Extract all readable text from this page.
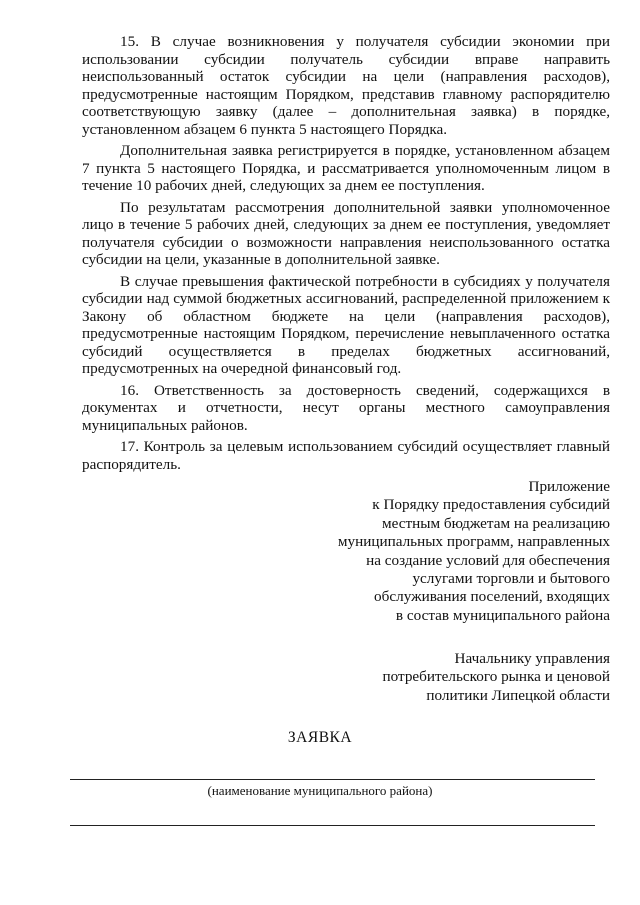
15. В случае возникновения у получателя субсидии экономии при использовании субсидии получатель субсидии вправе направить неиспользованный остаток субсидии на цели (направления расходов), предусмотренные настоящим Порядком, представив главному распорядителю соответствующую заявку (далее – дополнительная заявка) в порядке, установленном абзацем 6 пункта 5 настоящего Порядка.

Дополнительная заявка регистрируется в порядке, установленном абзацем 7 пункта 5 настоящего Порядка, и рассматривается уполномоченным лицом в течение 10 рабочих дней, следующих за днем ее поступления.

По результатам рассмотрения дополнительной заявки уполномоченное лицо в течение 5 рабочих дней, следующих за днем ее поступления, уведомляет получателя субсидии о возможности направления неиспользованного остатка субсидии на цели, указанные в дополнительной заявке.

В случае превышения фактической потребности в субсидиях у получателя субсидии над суммой бюджетных ассигнований, распределенной приложением к Закону об областном бюджете на цели (направления расходов), предусмотренные настоящим Порядком, перечисление невыплаченного остатка субсидий осуществляется в пределах бюджетных ассигнований, предусмотренных на очередной финансовый год.

16. Ответственность за достоверность сведений, содержащихся в документах и отчетности, несут органы местного самоуправления муниципальных районов.

17. Контроль за целевым использованием субсидий осуществляет главный распорядитель.

Приложение
к Порядку предоставления субсидий
местным бюджетам на реализацию
муниципальных программ, направленных
на создание условий для обеспечения
услугами торговли и бытового
обслуживания поселений, входящих
в состав муниципального района
Начальнику управления
потребительского рынка и ценовой
политики Липецкой области
ЗАЯВКА
(наименование муниципального района)
